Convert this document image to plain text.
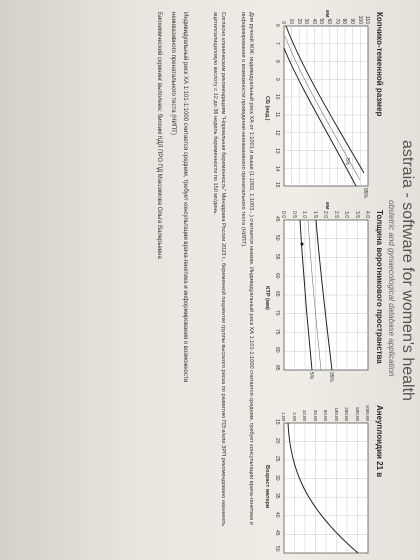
astraia - software for women's health
obstetric and gynaecological database application
Копчико-теменной размер
6
7
8
9
10
11
12
13
14
15
0 10 20 30 40 50 60 70 80 90 100 110
мм
95%
5%
СБ (нед.)
Толщина воротникового пространства
45
50
55
60
65
70
75
80
85
0.0 0.5 1.0 1.5 2.0 2.5 3.0 3.5 4.0
мм
95%
5%
КТР (мм)
Анеуплоидии 21 в
15
20
25
30
35
40
45
50
1.00 2.00 10.00 20.00 50.00 100.00 200.00 500.00 1000.00
Возраст матери
Для ручной ЖЖ: индивидуальный риск ХА от 1:1001 и выше (1:1002, 1:1003...) считается низким. Индивидуальный риск ХА 1:101-1:1000 считается средним, требует консультации врача-генетика и информирования о возможности проведения неинвазивного пренатального теста (НИПТ).
Согласно клиническим рекомендациям "Нормальная беременность" Минздрава России 2023 г., беременной пациентке группы высокого риска по развитию ПЭ и/или ЗРП рекомендовано назначить ацетилсалициловую кислоту с 12 до 36 недель беременности по 150 мг/день.
Индивидуальный риск ХА 1:101-1:1000 считается средним, требует консультации врача-генетика и информирования о возможности
неинвазивного пренатального теста (НИПТ)
Биохимический скрининг выполнен: биохим КДЛ ПРО ПД Максимова Ольга Валерьевна
